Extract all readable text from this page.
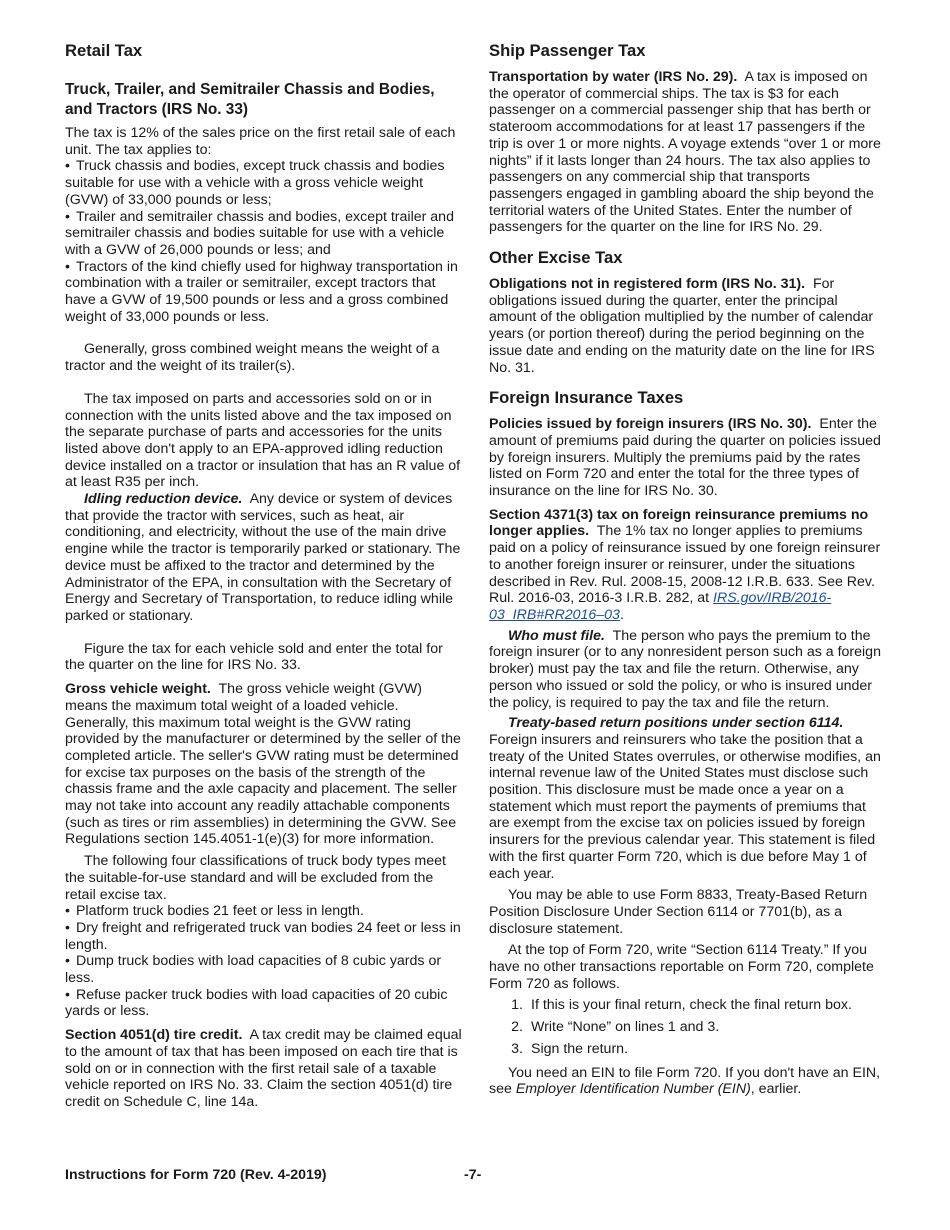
Retail Tax
Truck, Trailer, and Semitrailer Chassis and Bodies, and Tractors (IRS No. 33)

The tax is 12% of the sales price on the first retail sale of each unit. The tax applies to:

• Truck chassis and bodies, except truck chassis and bodies suitable for use with a vehicle with a gross vehicle weight (GVW) of 33,000 pounds or less;

• Trailer and semitrailer chassis and bodies, except trailer and semitrailer chassis and bodies suitable for use with a vehicle with a GVW of 26,000 pounds or less; and

• Tractors of the kind chiefly used for highway transportation in combination with a trailer or semitrailer, except tractors that have a GVW of 19,500 pounds or less and a gross combined weight of 33,000 pounds or less.

Generally, gross combined weight means the weight of a tractor and the weight of its trailer(s).

The tax imposed on parts and accessories sold on or in connection with the units listed above and the tax imposed on the separate purchase of parts and accessories for the units listed above don't apply to an EPA-approved idling reduction device installed on a tractor or insulation that has an R value of at least R35 per inch.

Idling reduction device. Any device or system of devices that provide the tractor with services, such as heat, air conditioning, and electricity, without the use of the main drive engine while the tractor is temporarily parked or stationary. The device must be affixed to the tractor and determined by the Administrator of the EPA, in consultation with the Secretary of Energy and Secretary of Transportation, to reduce idling while parked or stationary.

Figure the tax for each vehicle sold and enter the total for the quarter on the line for IRS No. 33.

Gross vehicle weight. The gross vehicle weight (GVW) means the maximum total weight of a loaded vehicle. Generally, this maximum total weight is the GVW rating provided by the manufacturer or determined by the seller of the completed article. The seller's GVW rating must be determined for excise tax purposes on the basis of the strength of the chassis frame and the axle capacity and placement. The seller may not take into account any readily attachable components (such as tires or rim assemblies) in determining the GVW. See Regulations section 145.4051-1(e)(3) for more information.

The following four classifications of truck body types meet the suitable-for-use standard and will be excluded from the retail excise tax.

• Platform truck bodies 21 feet or less in length.

• Dry freight and refrigerated truck van bodies 24 feet or less in length.

• Dump truck bodies with load capacities of 8 cubic yards or less.

• Refuse packer truck bodies with load capacities of 20 cubic yards or less.

Section 4051(d) tire credit. A tax credit may be claimed equal to the amount of tax that has been imposed on each tire that is sold on or in connection with the first retail sale of a taxable vehicle reported on IRS No. 33. Claim the section 4051(d) tire credit on Schedule C, line 14a.

Ship Passenger Tax

Transportation by water (IRS No. 29). A tax is imposed on the operator of commercial ships. The tax is $3 for each passenger on a commercial passenger ship that has berth or stateroom accommodations for at least 17 passengers if the trip is over 1 or more nights. A voyage extends “over 1 or more nights” if it lasts longer than 24 hours. The tax also applies to passengers on any commercial ship that transports passengers engaged in gambling aboard the ship beyond the territorial waters of the United States. Enter the number of passengers for the quarter on the line for IRS No. 29.

Other Excise Tax

Obligations not in registered form (IRS No. 31). For obligations issued during the quarter, enter the principal amount of the obligation multiplied by the number of calendar years (or portion thereof) during the period beginning on the issue date and ending on the maturity date on the line for IRS No. 31.

Foreign Insurance Taxes

Policies issued by foreign insurers (IRS No. 30). Enter the amount of premiums paid during the quarter on policies issued by foreign insurers. Multiply the premiums paid by the rates listed on Form 720 and enter the total for the three types of insurance on the line for IRS No. 30.

Section 4371(3) tax on foreign reinsurance premiums no longer applies. The 1% tax no longer applies to premiums paid on a policy of reinsurance issued by one foreign reinsurer to another foreign insurer or reinsurer, under the situations described in Rev. Rul. 2008-15, 2008-12 I.R.B. 633. See Rev. Rul. 2016-03, 2016-3 I.R.B. 282, at IRS.gov/IRB/2016-03_IRB#RR2016–03.

Who must file. The person who pays the premium to the foreign insurer (or to any nonresident person such as a foreign broker) must pay the tax and file the return. Otherwise, any person who issued or sold the policy, or who is insured under the policy, is required to pay the tax and file the return.

Treaty-based return positions under section 6114. Foreign insurers and reinsurers who take the position that a treaty of the United States overrules, or otherwise modifies, an internal revenue law of the United States must disclose such position. This disclosure must be made once a year on a statement which must report the payments of premiums that are exempt from the excise tax on policies issued by foreign insurers for the previous calendar year. This statement is filed with the first quarter Form 720, which is due before May 1 of each year.

You may be able to use Form 8833, Treaty-Based Return Position Disclosure Under Section 6114 or 7701(b), as a disclosure statement.

At the top of Form 720, write “Section 6114 Treaty.” If you have no other transactions reportable on Form 720, complete Form 720 as follows.

1. If this is your final return, check the final return box.

2. Write “None” on lines 1 and 3.

3. Sign the return.

You need an EIN to file Form 720. If you don't have an EIN, see Employer Identification Number (EIN), earlier.

Instructions for Form 720 (Rev. 4-2019)	-7-
